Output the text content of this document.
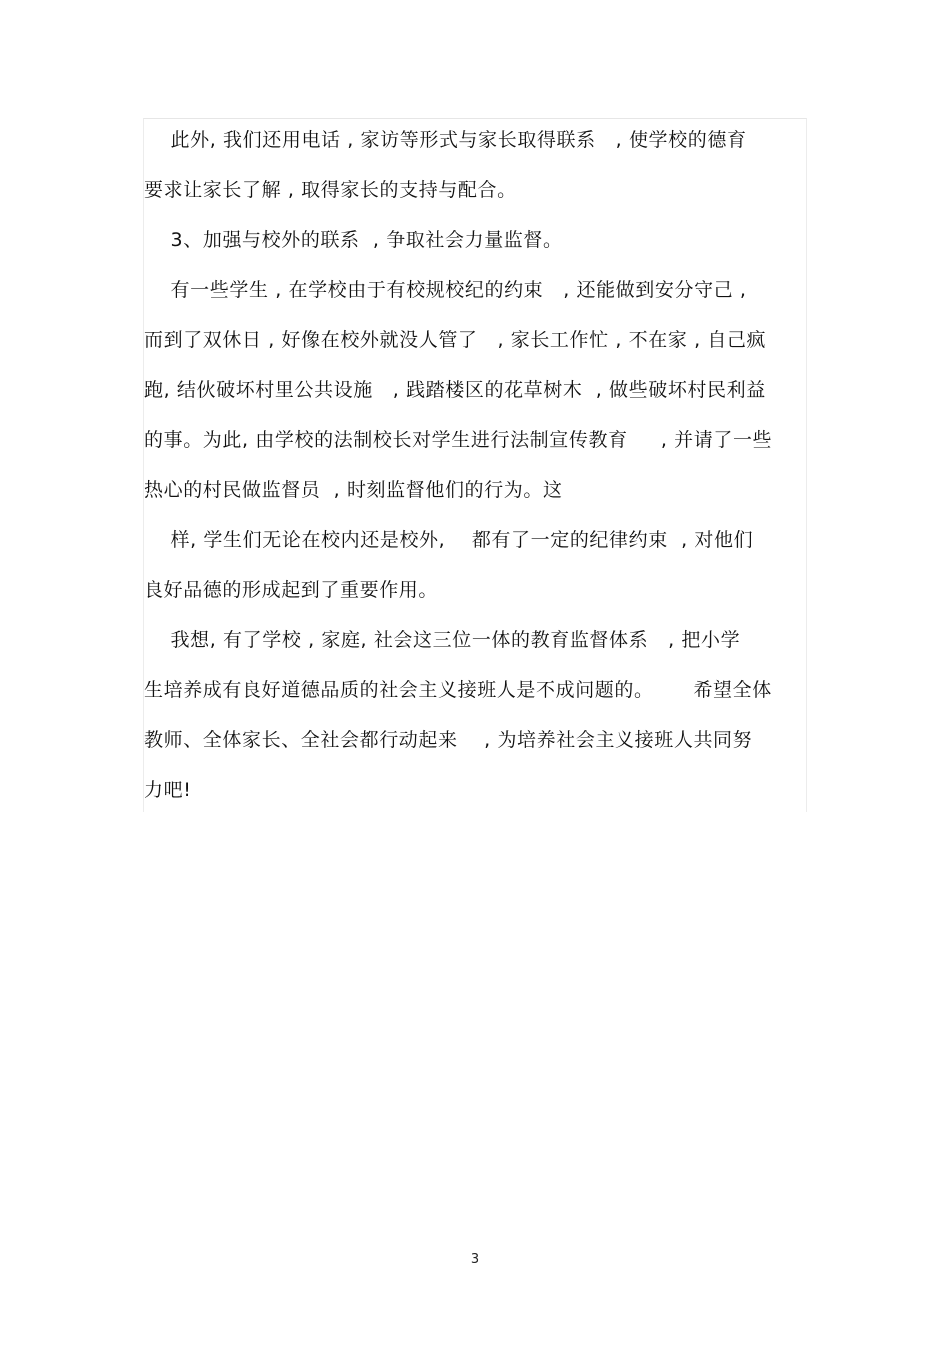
此外, 我们还用电话 , 家访等形式与家长取得联系   , 使学校的德育
要求让家长了解 , 取得家长的支持与配合。
3、加强与校外的联系  , 争取社会力量监督。
有一些学生 , 在学校由于有校规校纪的约束   , 还能做到安分守己 ,
而到了双休日 , 好像在校外就没人管了   , 家长工作忙 , 不在家 , 自己疯
跑, 结伙破坏村里公共设施   , 践踏楼区的花草树木  , 做些破坏村民利益
的事。为此, 由学校的法制校长对学生进行法制宣传教育     , 并请了一些
热心的村民做监督员  , 时刻监督他们的行为。这
样, 学生们无论在校内还是校外,    都有了一定的纪律约束  , 对他们
良好品德的形成起到了重要作用。
我想, 有了学校 , 家庭, 社会这三位一体的教育监督体系   , 把小学
生培养成有良好道德品质的社会主义接班人是不成问题的。      希望全体
教师、全体家长、全社会都行动起来    , 为培养社会主义接班人共同努
力吧!
3
